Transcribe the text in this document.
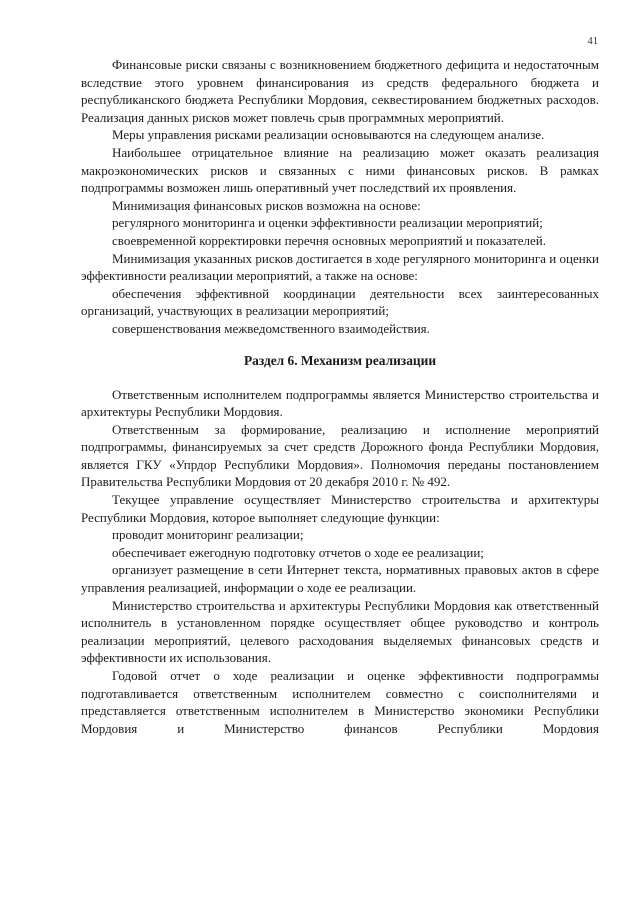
41

Финансовые риски связаны с возникновением бюджетного дефицита и недостаточным вследствие этого уровнем финансирования из средств федерального бюджета и республиканского бюджета Республики Мордовия, секвестированием бюджетных расходов. Реализация данных рисков может повлечь срыв программных мероприятий.

Меры управления рисками реализации основываются на следующем анализе.

Наибольшее отрицательное влияние на реализацию может оказать реализация макроэкономических рисков и связанных с ними финансовых рисков. В рамках подпрограммы возможен лишь оперативный учет последствий их проявления.

Минимизация финансовых рисков возможна на основе:

регулярного мониторинга и оценки эффективности реализации мероприятий;

своевременной корректировки перечня основных мероприятий и показателей.

Минимизация указанных рисков достигается в ходе регулярного мониторинга и оценки эффективности реализации мероприятий, а также на основе:

обеспечения эффективной координации деятельности всех заинтересованных организаций, участвующих в реализации мероприятий;

совершенствования межведомственного взаимодействия.

Раздел 6. Механизм реализации

Ответственным исполнителем подпрограммы является Министерство строительства и архитектуры Республики Мордовия.

Ответственным за формирование, реализацию и исполнение мероприятий подпрограммы, финансируемых за счет средств Дорожного фонда Республики Мордовия, является ГКУ «Упрдор Республики Мордовия». Полномочия переданы постановлением Правительства Республики Мордовия от 20 декабря 2010 г. № 492.

Текущее управление осуществляет Министерство строительства и архитектуры Республики Мордовия, которое выполняет следующие функции:

проводит мониторинг реализации;

обеспечивает ежегодную подготовку отчетов о ходе ее реализации;

организует размещение в сети Интернет текста, нормативных правовых актов в сфере управления реализацией, информации о ходе ее реализации.

Министерство строительства и архитектуры Республики Мордовия как ответственный исполнитель в установленном порядке осуществляет общее руководство и контроль реализации мероприятий, целевого расходования выделяемых финансовых средств и эффективности их использования.

Годовой отчет о ходе реализации и оценке эффективности подпрограммы подготавливается ответственным исполнителем совместно с соисполнителями и представляется ответственным исполнителем в Министерство экономики Республики Мордовия и Министерство финансов Республики Мордовия
